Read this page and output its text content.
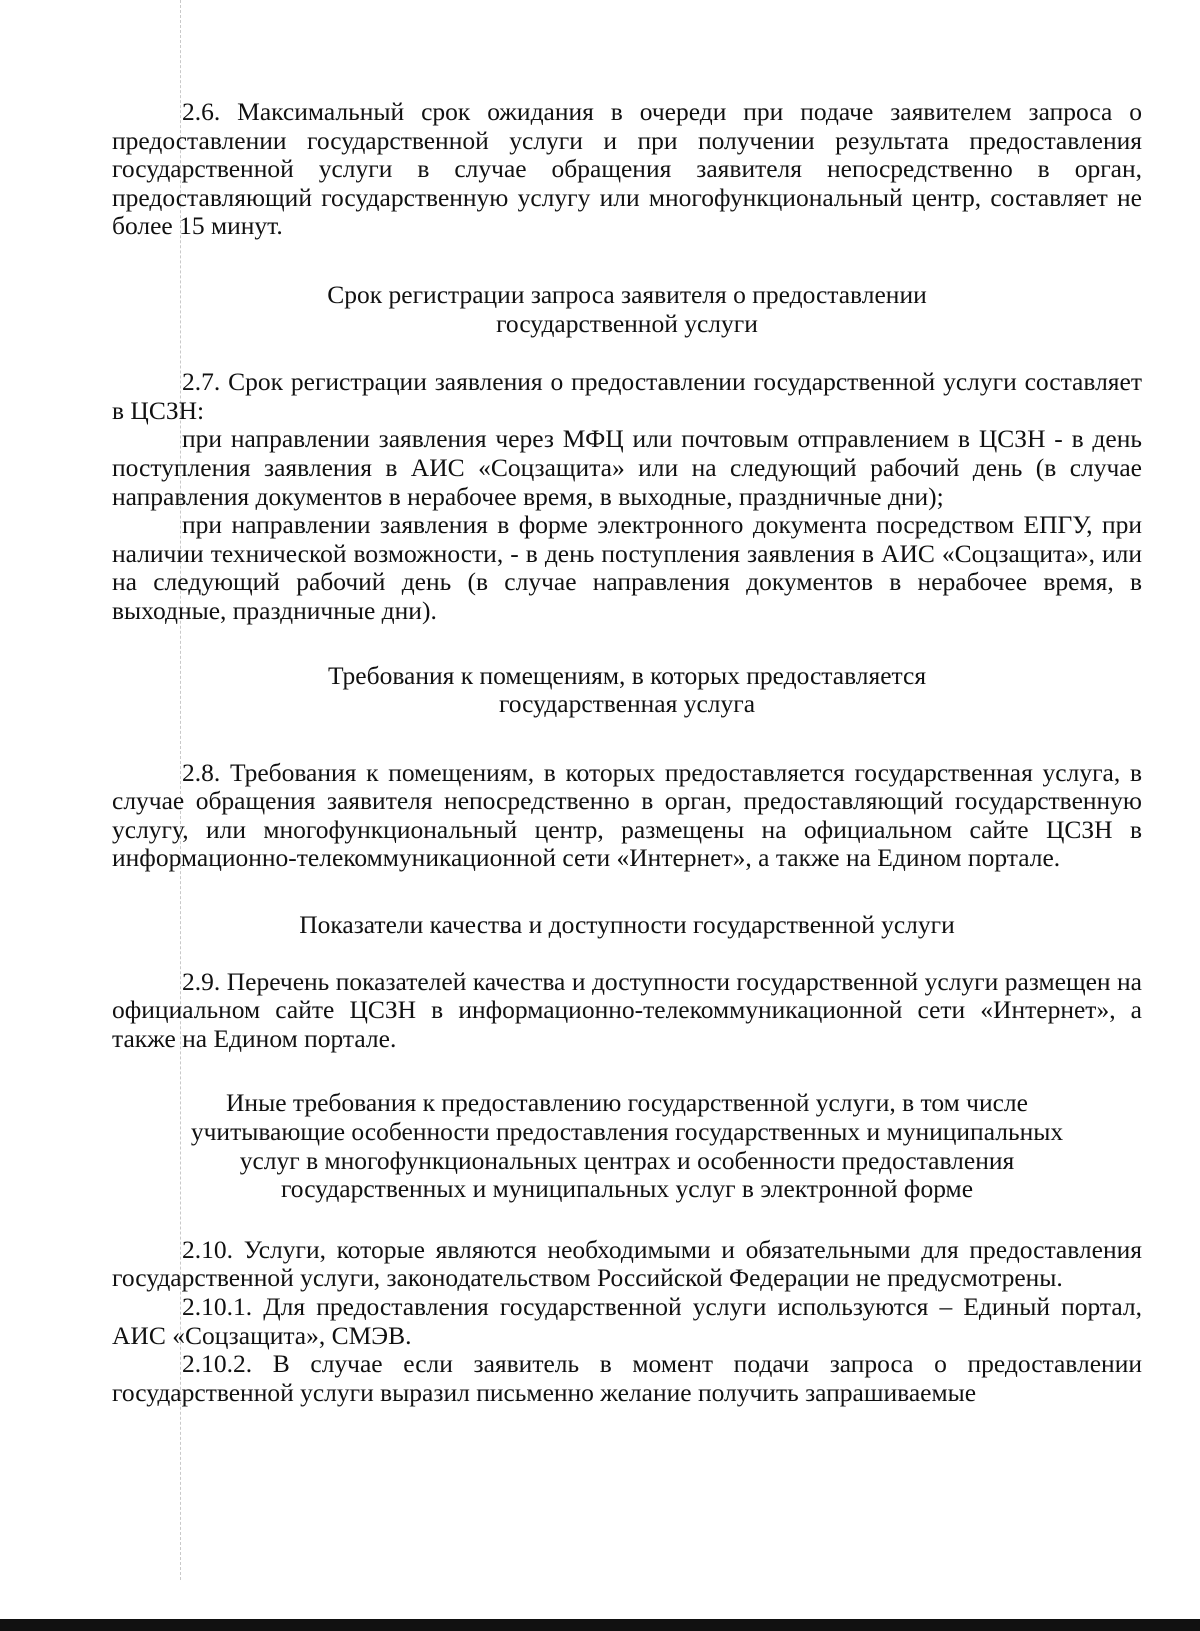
2.6. Максимальный срок ожидания в очереди при подаче заявителем запроса о предоставлении государственной услуги и при получении результата предоставления государственной услуги в случае обращения заявителя непосредственно в орган, предоставляющий государственную услугу или многофункциональный центр, составляет не более 15 минут.

Срок регистрации запроса заявителя о предоставлении

государственной услуги

2.7. Срок регистрации заявления о предоставлении государственной услуги составляет в ЦСЗН:

при направлении заявления через МФЦ или почтовым отправлением в ЦСЗН - в день поступления заявления в АИС «Соцзащита» или на следующий рабочий день (в случае направления документов в нерабочее время, в выходные, праздничные дни);

при направлении заявления в форме электронного документа посредством ЕПГУ, при наличии технической возможности, - в день поступления заявления в АИС «Соцзащита», или на следующий рабочий день (в случае направления документов в нерабочее время, в выходные, праздничные дни).

Требования к помещениям, в которых предоставляется

государственная услуга

2.8. Требования к помещениям, в которых предоставляется государственная услуга, в случае обращения заявителя непосредственно в орган, предоставляющий государственную услугу, или многофункциональный центр, размещены на официальном сайте ЦСЗН в информационно-телекоммуникационной сети «Интернет», а также на Едином портале.

Показатели качества и доступности государственной услуги

2.9. Перечень показателей качества и доступности государственной услуги размещен на официальном сайте ЦСЗН в информационно-телекоммуникационной сети «Интернет», а также на Едином портале.

Иные требования к предоставлению государственной услуги, в том числе

учитывающие особенности предоставления государственных и муниципальных

услуг в многофункциональных центрах и особенности предоставления

государственных и муниципальных услуг в электронной форме

2.10. Услуги, которые являются необходимыми и обязательными для предоставления государственной услуги, законодательством Российской Федерации не предусмотрены.

2.10.1. Для предоставления государственной услуги используются – Единый портал, АИС «Соцзащита», СМЭВ.

2.10.2. В случае если заявитель в момент подачи запроса о предоставлении государственной услуги выразил письменно желание получить запрашиваемые
